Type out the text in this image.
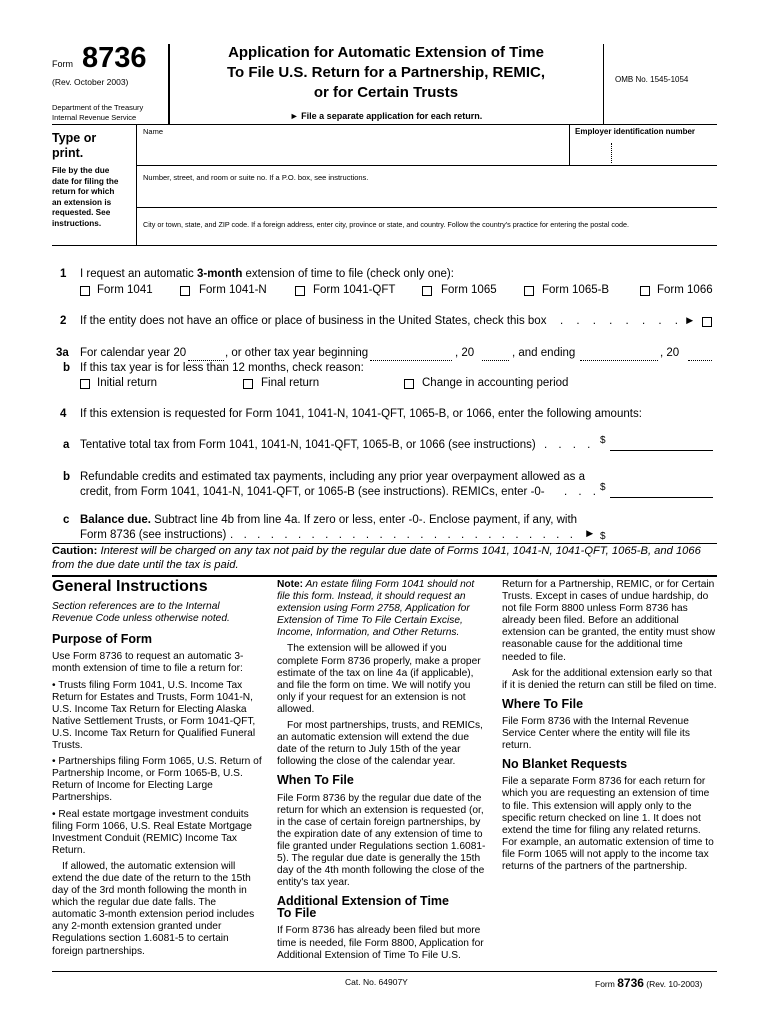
Form 8736
(Rev. October 2003)
Department of the Treasury
Internal Revenue Service
Application for Automatic Extension of Time
To File U.S. Return for a Partnership, REMIC,
or for Certain Trusts
► File a separate application for each return.
OMB No. 1545-1054
Type or print.
File by the due date for filing the return for which an extension is requested. See instructions.
Name	Employer identification number
Number, street, and room or suite no. If a P.O. box, see instructions.
City or town, state, and ZIP code. If a foreign address, enter city, province or state, and country. Follow the country's practice for entering the postal code.
1 I request an automatic 3-month extension of time to file (check only one):
Form 1041	Form 1041-N	Form 1041-QFT	Form 1065	Form 1065-B	Form 1066
2 If the entity does not have an office or place of business in the United States, check this box . . . . . . . . ►
3a For calendar year 20	, or other tax year beginning	, 20	, and ending	, 20
b If this tax year is for less than 12 months, check reason:
Initial return	Final return	Change in accounting period
4 If this extension is requested for Form 1041, 1041-N, 1041-QFT, 1065-B, or 1066, enter the following amounts:
a Tentative total tax from Form 1041, 1041-N, 1041-QFT, 1065-B, or 1066 (see instructions) . . . . $
b Refundable credits and estimated tax payments, including any prior year overpayment allowed as a
credit, from Form 1041, 1041-N, 1041-QFT, or 1065-B (see instructions). REMICs, enter -0- . . . $
c Balance due. Subtract line 4b from line 4a. If zero or less, enter -0-. Enclose payment, if any, with
Form 8736 (see instructions) . . . . . . . . . . . . . . . . . . . . . . . . . . ► $
Caution: Interest will be charged on any tax not paid by the regular due date of Forms 1041, 1041-N, 1041-QFT, 1065-B, and 1066 from the due date until the tax is paid.
General Instructions

Section references are to the Internal Revenue Code unless otherwise noted.

Purpose of Form

Use Form 8736 to request an automatic 3-month extension of time to file a return for:

• Trusts filing Form 1041, U.S. Income Tax Return for Estates and Trusts, Form 1041-N, U.S. Income Tax Return for Electing Alaska Native Settlement Trusts, or Form 1041-QFT, U.S. Income Tax Return for Qualified Funeral Trusts.

• Partnerships filing Form 1065, U.S. Return of Partnership Income, or Form 1065-B, U.S. Return of Income for Electing Large Partnerships.

• Real estate mortgage investment conduits filing Form 1066, U.S. Real Estate Mortgage Investment Conduit (REMIC) Income Tax Return.

If allowed, the automatic extension will extend the due date of the return to the 15th day of the 3rd month following the month in which the regular due date falls. The automatic 3-month extension period includes any 2-month extension granted under Regulations section 1.6081-5 to certain foreign partnerships.

Note: An estate filing Form 1041 should not file this form. Instead, it should request an extension using Form 2758, Application for Extension of Time To File Certain Excise, Income, Information, and Other Returns.

The extension will be allowed if you complete Form 8736 properly, make a proper estimate of the tax on line 4a (if applicable), and file the form on time. We will notify you only if your request for an extension is not allowed.

For most partnerships, trusts, and REMICs, an automatic extension will extend the due date of the return to July 15th of the year following the close of the calendar year.

When To File

File Form 8736 by the regular due date of the return for which an extension is requested (or, in the case of certain foreign partnerships, by the expiration date of any extension of time to file granted under Regulations section 1.6081-5). The regular due date is generally the 15th day of the 4th month following the close of the entity's tax year.

Additional Extension of Time To File

If Form 8736 has already been filed but more time is needed, file Form 8800, Application for Additional Extension of Time To File U.S.

Return for a Partnership, REMIC, or for Certain Trusts. Except in cases of undue hardship, do not file Form 8800 unless Form 8736 has already been filed. Before an additional extension can be granted, the entity must show reasonable cause for the additional time needed to file.

Ask for the additional extension early so that if it is denied the return can still be filed on time.

Where To File

File Form 8736 with the Internal Revenue Service Center where the entity will file its return.

No Blanket Requests

File a separate Form 8736 for each return for which you are requesting an extension of time to file. This extension will apply only to the specific return checked on line 1. It does not extend the time for filing any related returns. For example, an automatic extension of time to file Form 1065 will not apply to the income tax returns of the partners of the partnership.

Cat. No. 64907Y	Form 8736 (Rev. 10-2003)
